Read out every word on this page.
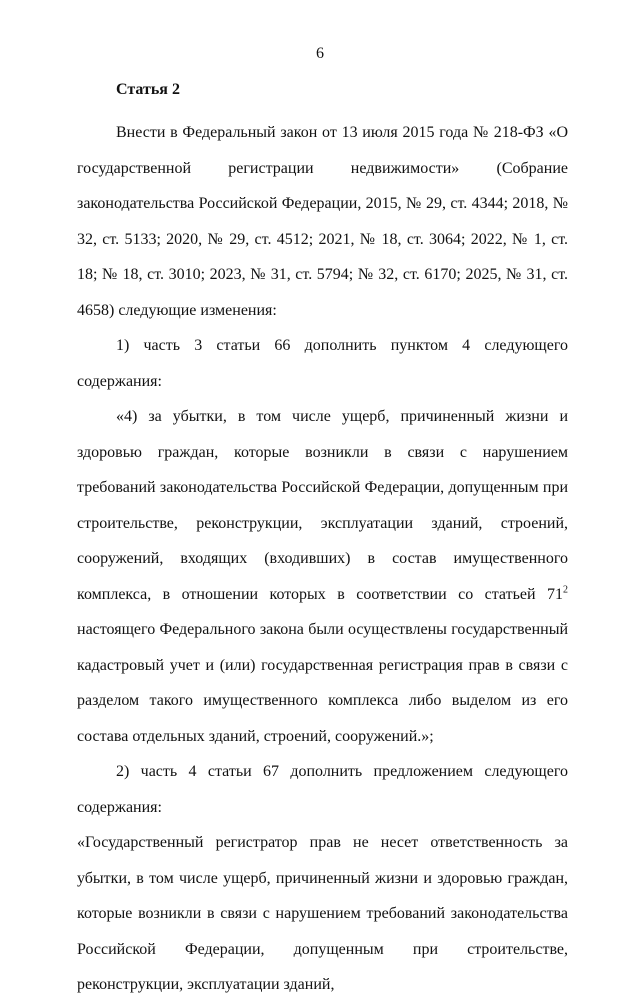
6

Статья 2

Внести в Федеральный закон от 13 июля 2015 года № 218-ФЗ «О государственной регистрации недвижимости» (Собрание законодательства Российской Федерации, 2015, № 29, ст. 4344; 2018, № 32, ст. 5133; 2020, № 29, ст. 4512; 2021, № 18, ст. 3064; 2022, № 1, ст. 18; № 18, ст. 3010; 2023, № 31, ст. 5794; № 32, ст. 6170; 2025, № 31, ст. 4658) следующие изменения:

1) часть 3 статьи 66 дополнить пунктом 4 следующего содержания:

«4) за убытки, в том числе ущерб, причиненный жизни и здоровью граждан, которые возникли в связи с нарушением требований законодательства Российской Федерации, допущенным при строительстве, реконструкции, эксплуатации зданий, строений, сооружений, входящих (входивших) в состав имущественного комплекса, в отношении которых в соответствии со статьей $71^2$ настоящего Федерального закона были осуществлены государственный кадастровый учет и (или) государственная регистрация прав в связи с разделом такого имущественного комплекса либо выделом из его состава отдельных зданий, строений, сооружений.»;

2) часть 4 статьи 67 дополнить предложением следующего содержания:

«Государственный регистратор прав не несет ответственность за убытки, в том числе ущерб, причиненный жизни и здоровью граждан, которые возникли в связи с нарушением требований законодательства Российской Федерации, допущенным при строительстве, реконструкции, эксплуатации зданий,
